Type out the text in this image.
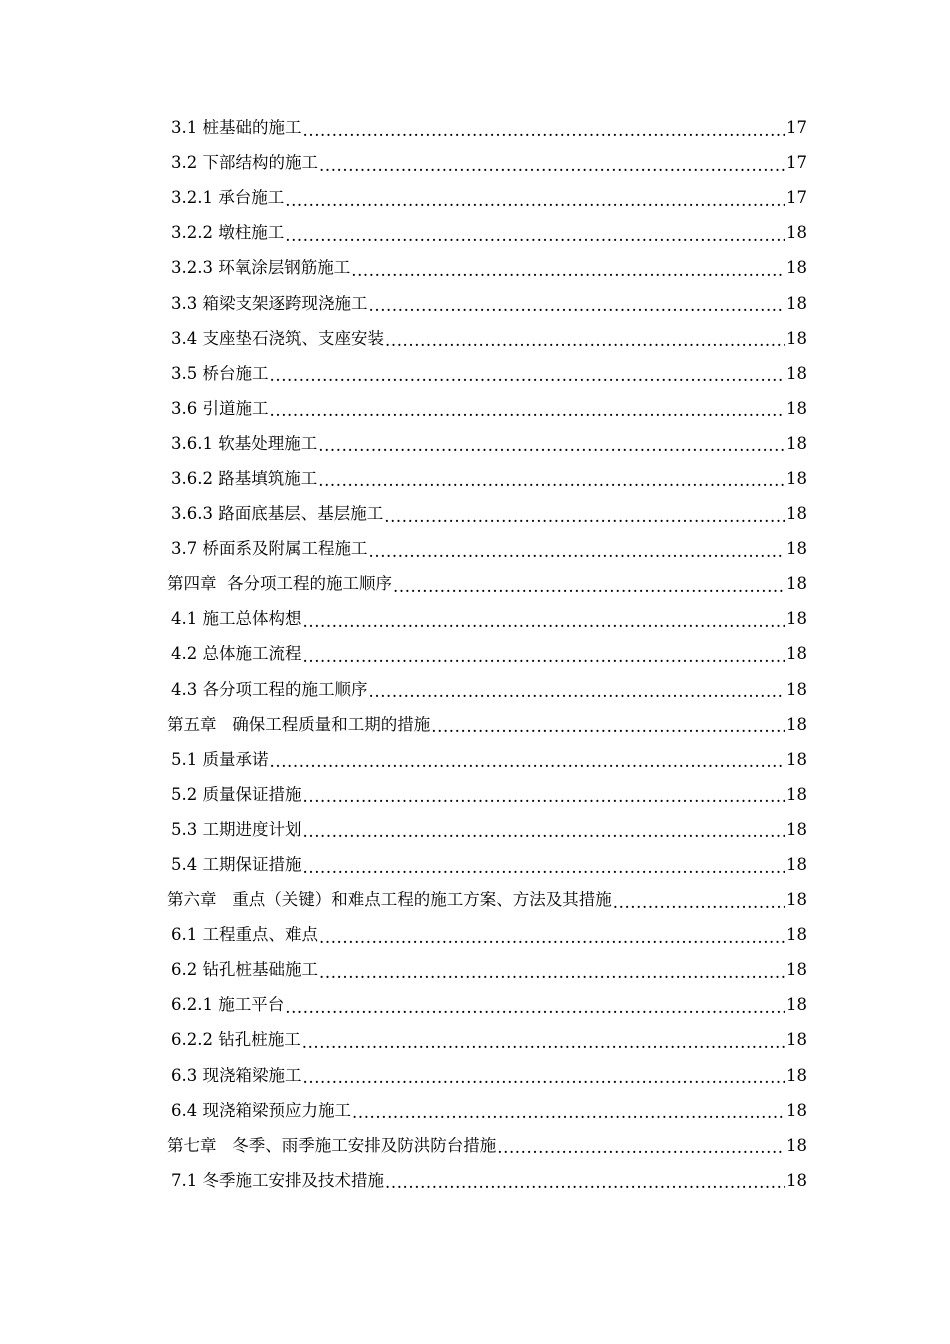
3.1 桩基础的施工 .....	17
3.2 下部结构的施工 .....	17
3.2.1 承台施工 .....	17
3.2.2 墩柱施工 .....	18
3.2.3 环氧涂层钢筋施工 .....	18
3.3 箱梁支架逐跨现浇施工 .....	18
3.4 支座垫石浇筑、支座安装 .....	18
3.5 桥台施工 .....	18
3.6 引道施工 .....	18
3.6.1 软基处理施工 .....	18
3.6.2 路基填筑施工 .....	18
3.6.3 路面底基层、基层施工 .....	18
3.7 桥面系及附属工程施工 .....	18
第四章  各分项工程的施工顺序 .....	18
4.1 施工总体构想 .....	18
4.2 总体施工流程 .....	18
4.3 各分项工程的施工顺序 .....	18
第五章   确保工程质量和工期的措施 .....	18
5.1 质量承诺 .....	18
5.2 质量保证措施 .....	18
5.3 工期进度计划 .....	18
5.4 工期保证措施 .....	18
第六章   重点（关键）和难点工程的施工方案、方法及其措施 .....	18
6.1 工程重点、难点 .....	18
6.2 钻孔桩基础施工 .....	18
6.2.1 施工平台 .....	18
6.2.2 钻孔桩施工 .....	18
6.3 现浇箱梁施工 .....	18
6.4 现浇箱梁预应力施工 .....	18
第七章   冬季、雨季施工安排及防洪防台措施 .....	18
7.1 冬季施工安排及技术措施 .....	18
